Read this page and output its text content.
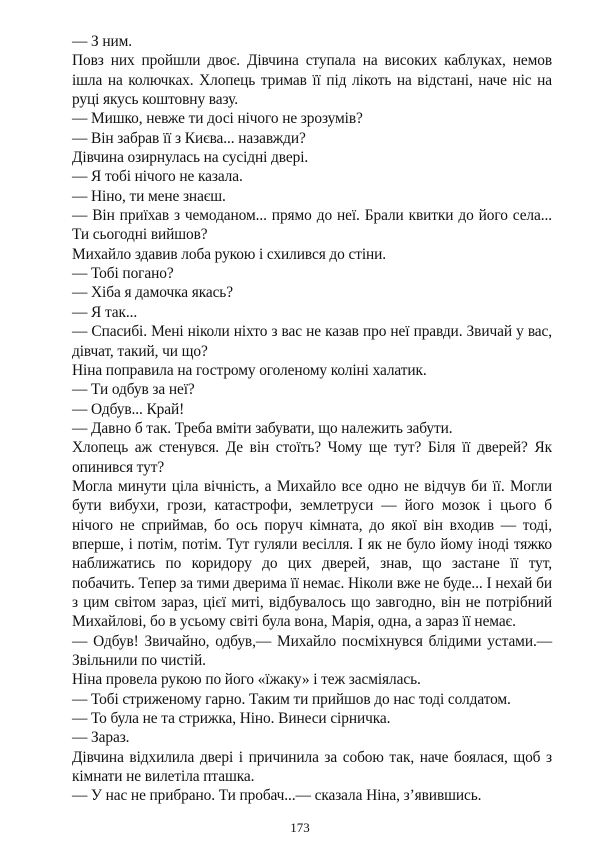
— З ним.

Повз них пройшли двоє. Дівчина ступала на високих каблуках, немов ішла на колючках. Хлопець тримав її під лікоть на відстані, наче ніс на руці якусь коштовну вазу.

— Мишко, невже ти досі нічого не зрозумів?

— Він забрав її з Києва... назавжди?

Дівчина озирнулась на сусідні двері.

— Я тобі нічого не казала.

— Ніно, ти мене знаєш.

— Він приїхав з чемоданом... прямо до неї. Брали квитки до його села... Ти сьогодні вийшов?

Михайло здавив лоба рукою і схилився до стіни.

— Тобі погано?

— Хіба я дамочка якась?

— Я так...

— Спасибі. Мені ніколи ніхто з вас не казав про неї правди. Звичай у вас, дівчат, такий, чи що?

Ніна поправила на гострому оголеному коліні халатик.

— Ти одбув за неї?

— Одбув... Край!

— Давно б так. Треба вміти забувати, що належить забути.

Хлопець аж стенувся. Де він стоїть? Чому ще тут? Біля її дверей? Як опинився тут?

Могла минути ціла вічність, а Михайло все одно не відчув би її. Могли бути вибухи, грози, катастрофи, землетруси — його мозок і цього б нічого не сприймав, бо ось поруч кімната, до якої він входив — тоді, вперше, і потім, потім. Тут гуляли весілля. І як не було йому іноді тяжко наближатись по коридору до цих дверей, знав, що застане її тут, побачить. Тепер за тими дверима її немає. Ніколи вже не буде... І нехай би з цим світом зараз, цієї миті, відбувалось що завгодно, він не потрібний Михайлові, бо в усьому світі була вона, Марія, одна, а зараз її немає.

— Одбув! Звичайно, одбув,— Михайло посміхнувся блідими устами.—Звільнили по чистій.

Ніна провела рукою по його «їжаку» і теж засміялась.

— Тобі стриженому гарно. Таким ти прийшов до нас тоді солдатом.

— То була не та стрижка, Ніно. Винеси сірничка.

— Зараз.

Дівчина відхилила двері і причинила за собою так, наче боялася, щоб з кімнати не вилетіла пташка.

— У нас не прибрано. Ти пробач...— сказала Ніна, з’явившись.

173
